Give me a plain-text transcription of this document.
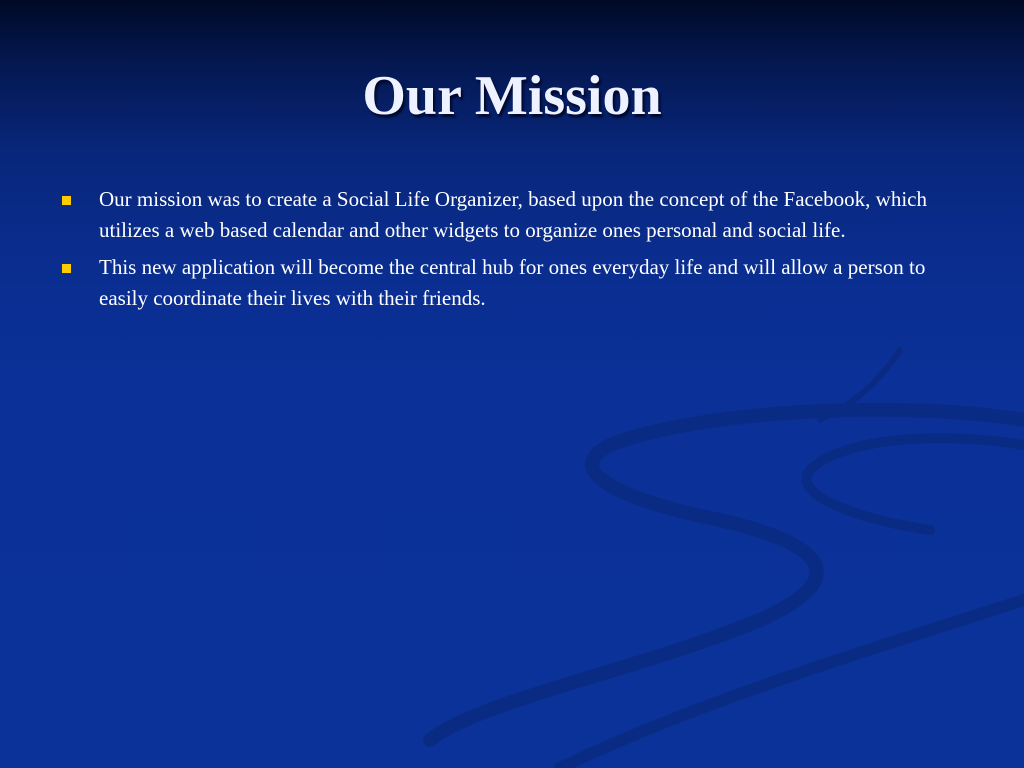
Our Mission
Our mission was to create a Social Life Organizer, based upon the concept of the Facebook, which utilizes a web based calendar and other widgets to organize ones personal and social life.
This new application will become the central hub for ones everyday life and will allow a person to easily coordinate their lives with their friends.
